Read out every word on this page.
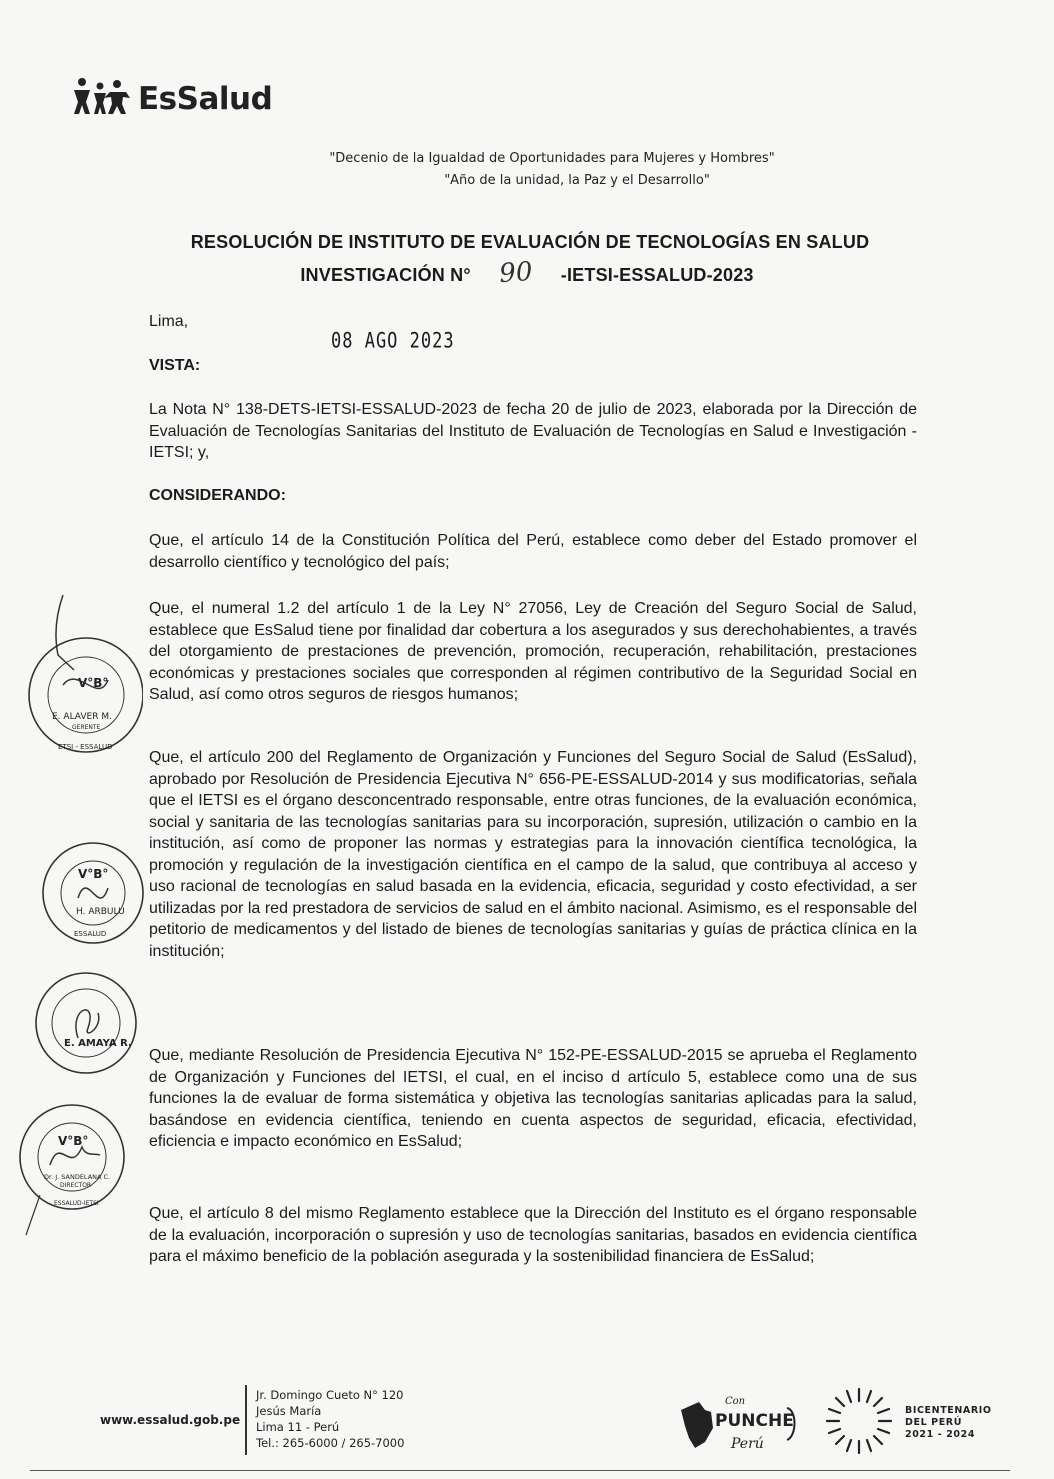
EsSalud
"Decenio de la Igualdad de Oportunidades para Mujeres y Hombres"
"Año de la unidad, la Paz y el Desarrollo"
RESOLUCIÓN DE INSTITUTO DE EVALUACIÓN DE TECNOLOGÍAS EN SALUD
INVESTIGACIÓN N°	90	-IETSI-ESSALUD-2023
Lima,
08 AGO 2023
VISTA:
La Nota N° 138-DETS-IETSI-ESSALUD-2023 de fecha 20 de julio de 2023, elaborada por la Dirección de Evaluación de Tecnologías Sanitarias del Instituto de Evaluación de Tecnologías en Salud e Investigación - IETSI; y,
CONSIDERANDO:
Que, el artículo 14 de la Constitución Política del Perú, establece como deber del Estado promover el desarrollo científico y tecnológico del país;
Que, el numeral 1.2 del artículo 1 de la Ley N° 27056, Ley de Creación del Seguro Social de Salud, establece que EsSalud tiene por finalidad dar cobertura a los asegurados y sus derechohabientes, a través del otorgamiento de prestaciones de prevención, promoción, recuperación, rehabilitación, prestaciones económicas y prestaciones sociales que corresponden al régimen contributivo de la Seguridad Social en Salud, así como otros seguros de riesgos humanos;
Que, el artículo 200 del Reglamento de Organización y Funciones del Seguro Social de Salud (EsSalud), aprobado por Resolución de Presidencia Ejecutiva N° 656-PE-ESSALUD-2014 y sus modificatorias, señala que el IETSI es el órgano desconcentrado responsable, entre otras funciones, de la evaluación económica, social y sanitaria de las tecnologías sanitarias para su incorporación, supresión, utilización o cambio en la institución, así como de proponer las normas y estrategias para la innovación científica tecnológica, la promoción y regulación de la investigación científica en el campo de la salud, que contribuya al acceso y uso racional de tecnologías en salud basada en la evidencia, eficacia, seguridad y costo efectividad, a ser utilizadas por la red prestadora de servicios de salud en el ámbito nacional. Asimismo, es el responsable del petitorio de medicamentos y del listado de bienes de tecnologías sanitarias y guías de práctica clínica en la institución;
Que, mediante Resolución de Presidencia Ejecutiva N° 152-PE-ESSALUD-2015 se aprueba el Reglamento de Organización y Funciones del IETSI, el cual, en el inciso d artículo 5, establece como una de sus funciones la de evaluar de forma sistemática y objetiva las tecnologías sanitarias aplicadas para la salud, basándose en evidencia científica, teniendo en cuenta aspectos de seguridad, eficacia, efectividad, eficiencia e impacto económico en EsSalud;
Que, el artículo 8 del mismo Reglamento establece que la Dirección del Instituto es el órgano responsable de la evaluación, incorporación o supresión y uso de tecnologías sanitarias, basados en evidencia científica para el máximo beneficio de la población asegurada y la sostenibilidad financiera de EsSalud;
V°B°
E. ALAVER M.
GERENTE
ETSI - ESSALUD
V°B°
H. ARBULU
ESSALUD
E. AMAYA R.
V°B°
Dr. J. SANDELANA C.
DIRECTOR
ESSALUD-IETSI
www.essalud.gob.pe
Jr. Domingo Cueto N° 120
Jesús María
Lima 11 - Perú
Tel.: 265-6000 / 265-7000
Con
PUNCHE
Perú
BICENTENARIO
DEL PERÚ
2021 - 2024
